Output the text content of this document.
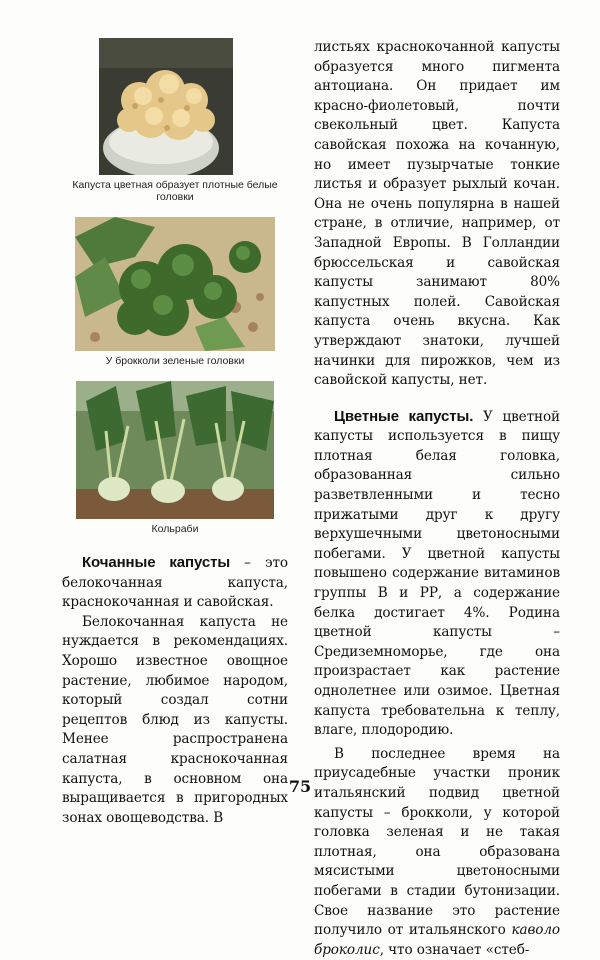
Капуста цветная образует плотные белые головки

У брокколи зеленые головки

Кольраби

Кочанные капусты – это белокочанная капуста, краснокочанная и савойская.

Белокочанная капуста не нуждается в рекомендациях. Хорошо известное овощное растение, любимое народом, который создал сотни рецептов блюд из капусты. Менее распространена салатная краснокочанная капуста, в основном она выращивается в пригородных зонах овощеводства. В

листьях краснокочанной капусты образуется много пигмента антоциана. Он придает им красно-фиолетовый, почти свекольный цвет. Капуста савойская похожа на кочанную, но имеет пузырчатые тонкие листья и образует рыхлый кочан. Она не очень популярна в нашей стране, в отличие, например, от Западной Европы. В Голландии брюссельская и савойская капусты занимают 80% капустных полей. Савойская капуста очень вкусна. Как утверждают знатоки, лучшей начинки для пирожков, чем из савойской капусты, нет.

Цветные капусты. У цветной капусты используется в пищу плотная белая головка, образованная сильно разветвленными и тесно прижатыми друг к другу верхушечными цветоносными побегами. У цветной капусты повышено содержание витаминов группы В и РР, а содержание белка достигает 4%. Родина цветной капусты – Средиземноморье, где она произрастает как растение однолетнее или озимое. Цветная капуста требовательна к теплу, влаге, плодородию.

В последнее время на приусадебные участки проник итальянский подвид цветной капусты – брокколи, у которой головка зеленая и не такая плотная, она образована мясистыми цветоносными побегами в стадии бутонизации. Свое название это растение получило от итальянского каволо броколис, что означает «стеб-

75
